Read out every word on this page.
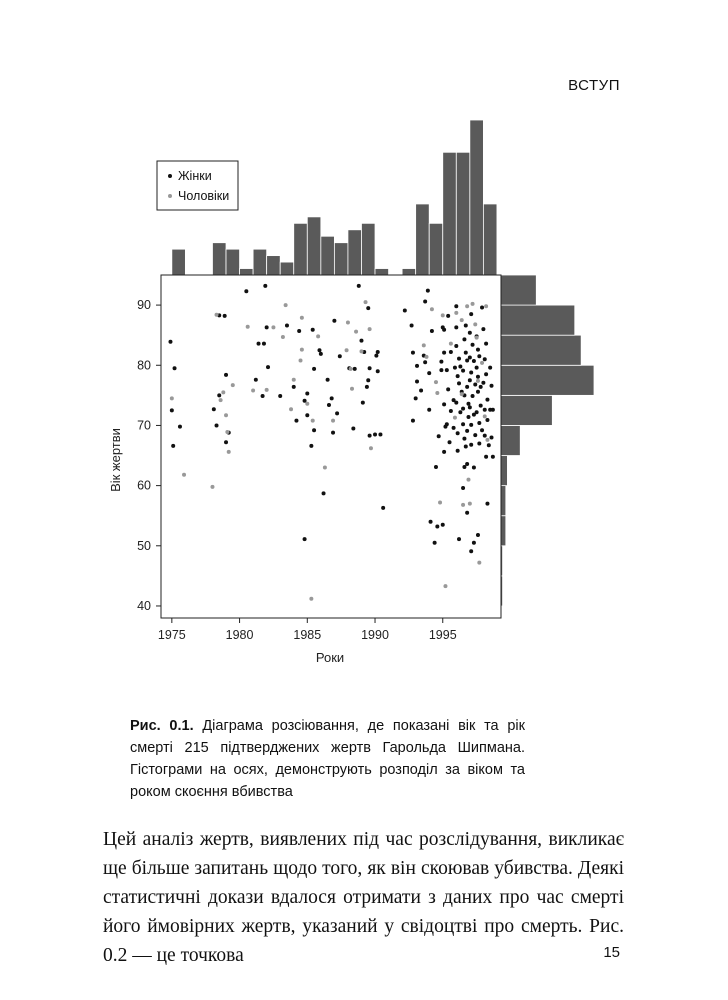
ВСТУП
1975	1980	1985	1990	1995
40
50
60
70
80
90
Роки
Вік жертви
Жінки
Чоловіки
Рис. 0.1. Діаграма розсіювання, де показані вік та рік смерті 215 підтверджених жертв Гарольда Шипмана. Гістограми на осях, демонструють розподіл за віком та роком скоєння вбивства

Цей аналіз жертв, виявлених під час розслідування, викликає ще більше запитань щодо того, як він скоював убивства. Деякі статистичні докази вдалося отримати з даних про час смерті його ймовірних жертв, указаний у свідоцтві про смерть. Рис. 0.2 — це точкова	15
